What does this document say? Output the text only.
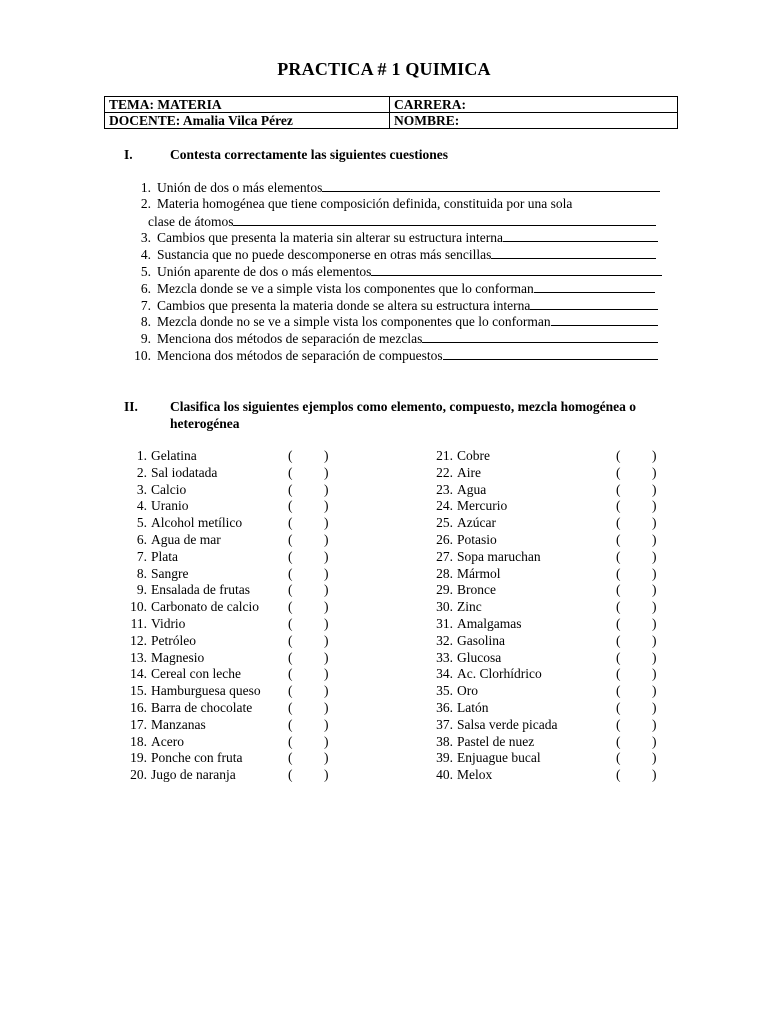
PRACTICA # 1 QUIMICA
TEMA: MATERIA	CARRERA:
DOCENTE: Amalia Vilca Pérez	NOMBRE:
I.	Contesta correctamente las siguientes cuestiones
1. Unión de dos o más elementos
2. Materia homogénea que tiene composición definida, constituida por una sola
clase de átomos
3. Cambios que presenta la materia sin alterar su estructura interna
4. Sustancia que no puede descomponerse en otras más sencillas
5. Unión aparente de dos o más elementos
6. Mezcla donde se ve a simple vista los componentes que lo conforman
7. Cambios que presenta la materia donde se altera su estructura interna
8. Mezcla donde no se ve a simple vista los componentes que lo conforman
9. Menciona dos métodos de separación de mezclas
10. Menciona dos métodos de separación de compuestos
II. Clasifica los siguientes ejemplos como elemento, compuesto, mezcla homogénea o
heterogénea
1. Gelatina	( )
2. Sal iodatada	( )
3. Calcio	( )
4. Uranio	( )
5. Alcohol metílico	( )
6. Agua de mar	( )
7. Plata	( )
8. Sangre	( )
9. Ensalada de frutas	( )
10. Carbonato de calcio ( )
11. Vidrio	( )
12. Petróleo	( )
13. Magnesio	( )
14. Cereal con leche	( )
15. Hamburguesa queso ( )
16. Barra de chocolate	( )
17. Manzanas	( )
18. Acero	( )
19. Ponche con fruta	( )
20. Jugo de naranja	( )
21. Cobre	( )
22. Aire	( )
23. Agua	( )
24. Mercurio	( )
25. Azúcar	( )
26. Potasio	( )
27. Sopa maruchan	( )
28. Mármol	( )
29. Bronce	( )
30. Zinc	( )
31. Amalgamas	( )
32. Gasolina	( )
33. Glucosa	( )
34. Ac. Clorhídrico	( )
35. Oro	( )
36. Latón	( )
37. Salsa verde picada	( )
38. Pastel de nuez	( )
39. Enjuague bucal	( )
40. Melox	( )
